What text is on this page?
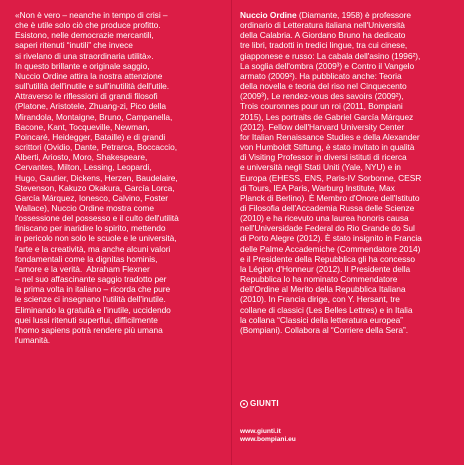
«Non è vero – neanche in tempo di crisi –
che è utile solo ciò che produce profitto.
Esistono, nelle democrazie mercantili,
saperi ritenuti “inutili” che invece
si rivelano di una straordinaria utilità».
In questo brillante e originale saggio,
Nuccio Ordine attira la nostra attenzione
sull'utilità dell'inutile e sull'inutilità dell'utile.
Attraverso le riflessioni di grandi filosofi
(Platone, Aristotele, Zhuang-zi, Pico della
Mirandola, Montaigne, Bruno, Campanella,
Bacone, Kant, Tocqueville, Newman,
Poincaré, Heidegger, Bataille) e di grandi
scrittori (Ovidio, Dante, Petrarca, Boccaccio,
Alberti, Ariosto, Moro, Shakespeare,
Cervantes, Milton, Lessing, Leopardi,
Hugo, Gautier, Dickens, Herzen, Baudelaire,
Stevenson, Kakuzo Okakura, García Lorca,
García Márquez, Ionesco, Calvino, Foster
Wallace), Nuccio Ordine mostra come
l'ossessione del possesso e il culto dell'utilità
finiscano per inaridire lo spirito, mettendo
in pericolo non solo le scuole e le università,
l'arte e la creatività, ma anche alcuni valori
fondamentali come la dignitas hominis,
l'amore e la verità.  Abraham Flexner
– nel suo affascinante saggio tradotto per
la prima volta in italiano – ricorda che pure
le scienze ci insegnano l'utilità dell'inutile.
Eliminando la gratuità e l'inutile, uccidendo
quei lussi ritenuti superflui, difficilmente
l'homo sapiens potrà rendere più umana
l'umanità.
Nuccio Ordine (Diamante, 1958) è professore
ordinario di Letteratura italiana nell'Università
della Calabria. A Giordano Bruno ha dedicato
tre libri, tradotti in tredici lingue, tra cui cinese,
giapponese e russo: La cabala dell'asino (1996²),
La soglia dell'ombra (2009³) e Contro il Vangelo
armato (2009²). Ha pubblicato anche: Teoria
della novella e teoria del riso nel Cinquecento
(2009³), Le rendez-vous des savoirs (2009²),
Trois couronnes pour un roi (2011, Bompiani
2015), Les portraits de Gabriel García Márquez
(2012). Fellow dell'Harvard University Center
for Italian Renaissance Studies e della Alexander
von Humboldt Stiftung, è stato invitato in qualità
di Visiting Professor in diversi istituti di ricerca
e università negli Stati Uniti (Yale, NYU) e in
Europa (EHESS, ENS, Paris-IV Sorbonne, CESR
di Tours, IEA Paris, Warburg Institute, Max
Planck di Berlino). È Membro d'Onore dell'Istituto
di Filosofia dell'Accademia Russa delle Scienze
(2010) e ha ricevuto una laurea honoris causa
nell'Universidade Federal do Rio Grande do Sul
di Porto Alegre (2012). È stato insignito in Francia
delle Palme Accademiche (Commendatore 2014)
e il Presidente della Repubblica gli ha concesso
la Légion d'Honneur (2012). Il Presidente della
Repubblica lo ha nominato Commendatore
dell'Ordine al Merito della Repubblica Italiana
(2010). In Francia dirige, con Y. Hersant, tre
collane di classici (Les Belles Lettres) e in Italia
la collana “Classici della letteratura europea”
(Bompiani). Collabora al “Corriere della Sera”.
GIUNTI
www.giunti.it
www.bompiani.eu
